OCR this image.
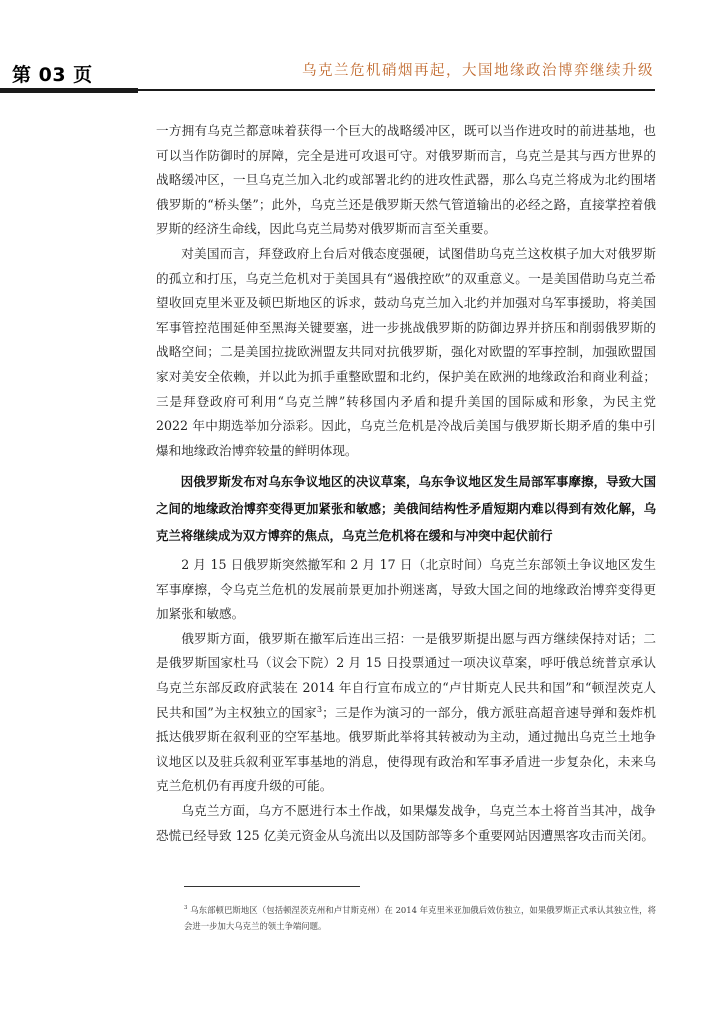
第 03 页	乌克兰危机硝烟再起，大国地缘政治博弈继续升级

一方拥有乌克兰都意味着获得一个巨大的战略缓冲区，既可以当作进攻时的前进基地，也可以当作防御时的屏障，完全是进可攻退可守。对俄罗斯而言，乌克兰是其与西方世界的战略缓冲区，一旦乌克兰加入北约或部署北约的进攻性武器，那么乌克兰将成为北约围堵俄罗斯的“桥头堡”；此外，乌克兰还是俄罗斯天然气管道输出的必经之路，直接掌控着俄罗斯的经济生命线，因此乌克兰局势对俄罗斯而言至关重要。

对美国而言，拜登政府上台后对俄态度强硬，试图借助乌克兰这枚棋子加大对俄罗斯的孤立和打压，乌克兰危机对于美国具有“遏俄控欧”的双重意义。一是美国借助乌克兰希望收回克里米亚及顿巴斯地区的诉求，鼓动乌克兰加入北约并加强对乌军事援助，将美国军事管控范围延伸至黑海关键要塞，进一步挑战俄罗斯的防御边界并挤压和削弱俄罗斯的战略空间；二是美国拉拢欧洲盟友共同对抗俄罗斯，强化对欧盟的军事控制，加强欧盟国家对美安全依赖，并以此为抓手重整欧盟和北约，保护美在欧洲的地缘政治和商业利益；三是拜登政府可利用“乌克兰牌”转移国内矛盾和提升美国的国际威和形象，为民主党 2022 年中期选举加分添彩。因此，乌克兰危机是冷战后美国与俄罗斯长期矛盾的集中引爆和地缘政治博弈较量的鲜明体现。

因俄罗斯发布对乌东争议地区的决议草案，乌东争议地区发生局部军事摩擦，导致大国之间的地缘政治博弈变得更加紧张和敏感；美俄间结构性矛盾短期内难以得到有效化解，乌克兰将继续成为双方博弈的焦点，乌克兰危机将在缓和与冲突中起伏前行

2 月 15 日俄罗斯突然撤军和 2 月 17 日（北京时间）乌克兰东部领土争议地区发生军事摩擦，令乌克兰危机的发展前景更加扑朔迷离，导致大国之间的地缘政治博弈变得更加紧张和敏感。

俄罗斯方面，俄罗斯在撤军后连出三招：一是俄罗斯提出愿与西方继续保持对话；二是俄罗斯国家杜马（议会下院）2 月 15 日投票通过一项决议草案，呼吁俄总统普京承认乌克兰东部反政府武装在 2014 年自行宣布成立的“卢甘斯克人民共和国”和“顿涅茨克人民共和国”为主权独立的国家$^3$；三是作为演习的一部分，俄方派驻高超音速导弹和轰炸机抵达俄罗斯在叙利亚的空军基地。俄罗斯此举将其转被动为主动，通过抛出乌克兰土地争议地区以及驻兵叙利亚军事基地的消息，使得现有政治和军事矛盾进一步复杂化，未来乌克兰危机仍有再度升级的可能。

乌克兰方面，乌方不愿进行本土作战，如果爆发战争，乌克兰本土将首当其冲，战争恐慌已经导致 125 亿美元资金从乌流出以及国防部等多个重要网站因遭黑客攻击而关闭。

$^3$ 乌东部顿巴斯地区（包括顿涅茨克州和卢甘斯克州）在 2014 年克里米亚加俄后效仿独立，如果俄罗斯正式承认其独立性，将会进一步加大乌克兰的领土争端问题。
